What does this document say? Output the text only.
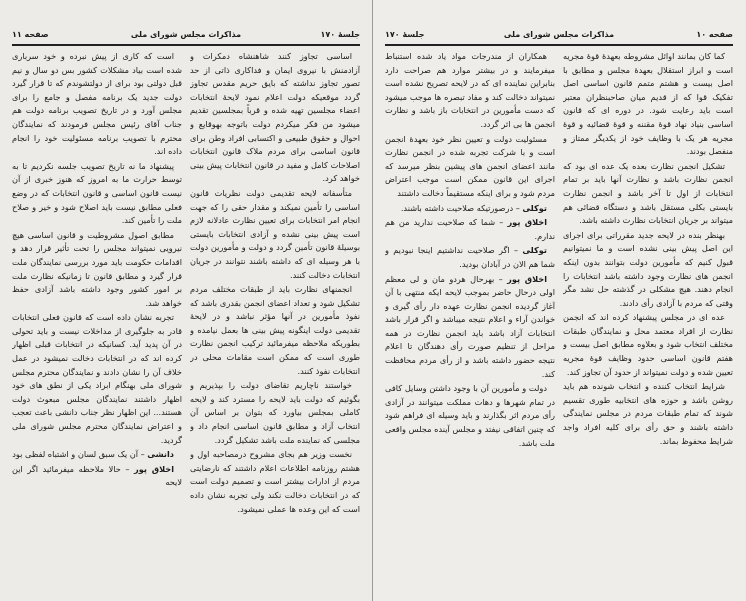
جلسهٔ ۱۷۰
مذاکرات مجلس شورای ملی
صفحه ۱۱

اساسی تجاوز کنند شاهنشاه دمکرات و آزادمنش با نیروی ایمان و فداکاری ذاتی از حد تصور تجاوز نداشته که بایق حریم مقدس تجاوز گردد موقعیکه دولت اعلام نمود لایحهٔ انتخابات اعضاء مجلسین تهیه شده و قرباً بمجلسین تقدیم میشود من فکر میکردم دولت باتوجه بهوقایع و احوال و حقوق طبیعی و اکتسابی افراد وطن برای قانون اساسی برای مردم ملاک قانون انتخابات اصلاحات کامل و مفید در قانون انتخابات پیش بینی خواهد کرد.

متأسفانه لایحه تقدیمی دولت نظریات قانون اساسی را تأمین نمیکند و مقدار حقی را که جهت انجام امر انتخابات برای تعیین نظارت عادلانه لازم است پیش بینی نشده و آزادی انتخابات بایستی بوسیلهٔ قانون تأمین گردد و دولت و مأمورین دولت با هر وسیله ای که داشته باشند نتوانند در جریان انتخابات دخالت کنند.

انجمنهای نظارت باید از طبقات مختلف مردم تشکیل شود و تعداد اعضای انجمن بقدری باشد که نفوذ مأمورین در آنها مؤثر نباشد و در لایحهٔ تقدیمی دولت اینگونه پیش بینی ها بعمل نیامده و بطوریکه ملاحظه میفرمائید ترکیب انجمن نظارت طوری است که ممکن است مقامات محلی در انتخابات نفوذ کنند.

خواستند ناچاریم تقاضای دولت را بپذیریم و بگوئیم که دولت باید لایحه را مسترد کند و لایحه کاملی بمجلس بیاورد که بتوان بر اساس آن انتخاب آزاد و مطابق قانون اساسی انجام داد و مجلسی که نماینده ملت باشد تشکیل گردد.

نخست وزیر هم بجای مشروح درمصاحبه اول و هشتم روزنامه اطلاعات اعلام داشتند که نارضایتی مردم از ادارات بیشتر است و تصمیم دولت است که در انتخابات دخالت نکند ولی تجربه نشان داده است که این وعده ها عملی نمیشود.

است که کاری از پیش نبرده و خود سرباری شده است بیاد مشکلات کشور بس دو سال و نیم قبل دولتی بود برای از دولتشوندم که تا قرار گیرد دولت جدید یک برنامه مفصل و جامع را برای مجلس آورد و در تاریخ تصویب برنامه دولت هم جناب آقای رئیس مجلس فرمودند که نمایندگان محترم با تصویب برنامه مسئولیت خود را انجام داده اند.

پیشنهاد ما نه تاریخ تصویب جلسه نکردیم تا به توسط حرارت ما به امروز که هنوز خبری از آن نیست قانون اساسی و قانون انتخابات که در وضع فعلی مطابق نیست باید اصلاح شود و خیر و صلاح ملت را تأمین کند.

مطابق اصول مشروطیت و قانون اساسی هیچ نیرویی نمیتواند مجلس را تحت تأثیر قرار دهد و اقدامات حکومت باید مورد بررسی نمایندگان ملت قرار گیرد و مطابق قانون تا زمانیکه نظارت ملت بر امور کشور وجود داشته باشد آزادی حفظ خواهد شد.

تجربه نشان داده است که قانون فعلی انتخابات قادر به جلوگیری از مداخلات نیست و باید تحولی در آن پدید آید. کسانیکه در انتخابات قبلی اظهار کرده اند که در انتخابات دخالت نمیشود در عمل خلاف آن را نشان دادند و نمایندگان محترم مجلس شورای ملی بهنگام ابراد یکی از نطق های خود اظهار داشتند نمایندگان مجلس مبعوث دولت هستند... این اظهار نظر جناب دانشی باعث تعجب و اعتراض نمایندگان محترم مجلس شورای ملی گردید.

دانشی – آن یک سبق لسان و اشتباه لفظی بود

اخلاق پور – حالا ملاحظه میفرمائید اگر این لایحه

صفحه ۱۰
مذاکرات مجلس شورای ملی
جلسهٔ ۱۷۰

کما کان بمانند اوائل مشروطه بعهدهٔ قوهٔ مجریه است و ابراز استقلال بعهدهٔ مجلس و مطابق با اصل بیست و هشتم متمم قانون اساسی اصل تفکیک قوا که از قدیم میان صاحبنظران معتبر است باید رعایت شود. در دوره ای که قانون اساسی بنیاد نهاد قوهٔ مقننه و قوهٔ قضائیه و قوهٔ مجریه هر یک با وظایف خود از یکدیگر ممتاز و منفصل بودند.

تشکیل انجمن نظارت بعده یک عده ای بود که انجمن نظارت باشد و نظارت آنها باید بر تمام انتخابات از اول تا آخر باشد و انجمن نظارت بایستی بکلی مستقل باشد و دستگاه قضائی هم میتواند بر جریان انتخابات نظارت داشته باشد.

بهنظر بنده در لایحه جدید مقرراتی برای اجرای این اصل پیش بینی نشده است و ما نمیتوانیم قبول کنیم که مأمورین دولت بتوانند بدون اینکه انجمن های نظارت وجود داشته باشد انتخابات را انجام دهند. هیچ مشکلی در گذشته حل نشد مگر وقتی که مردم با آزادی رأی دادند.

عده ای در مجلس پیشنهاد کرده اند که انجمن نظارت از افراد معتمد محل و نمایندگان طبقات مختلف انتخاب شود و بعلاوه مطابق اصل بیست و هفتم قانون اساسی حدود وظایف قوهٔ مجریه تعیین شده و دولت نمیتواند از حدود آن تجاوز کند.

شرایط انتخاب کننده و انتخاب شونده هم باید روشن باشد و حوزه های انتخابیه طوری تقسیم شوند که تمام طبقات مردم در مجلس نمایندگی داشته باشند و حق رأی برای کلیه افراد واجد شرایط محفوظ بماند.

همکاران از مندرجات مواد یاد شده استنباط میفرمایند و در بیشتر موارد هم صراحت دارد بنابراین نماینده ای که در لایحه تصریح نشده است نمیتواند دخالت کند و مفاد تبصره ها موجب میشود که دست مأمورین در انتخابات باز باشد و نظارت انجمن ها بی اثر گردد.

مسئولیت دولت و تعیین نظر خود بعهدهٔ انجمن است و با شرکت تجربه شده در انجمن نظارت مانند اعضای انجمن های پیشین بنظر میرسد که اجرای این قانون ممکن است موجب اعتراض مردم شود و برای اینکه مستقیماً دخالت داشتند

توکلی – درصورتیکه صلاحیت داشته باشند.

اخلاق پور – شما که صلاحیت ندارید من هم ندارم.

توکلی – اگر صلاحیت نداشتیم اینجا نبودیم و شما هم الان در آبادان بودید.

اخلاق پور – بهرحال هردو مان و لی معظم اولی درحال حاضر بموجب لایحه ایکه منتهی با آن آغاز گردیده انجمن نظارت عهده دار رأی گیری و خواندن آراء و اعلام نتیجه میباشد و اگر قرار باشد انتخابات آزاد باشد باید انجمن نظارت در همه مراحل از تنظیم صورت رأی دهندگان تا اعلام نتیجه حضور داشته باشد و از رأی مردم محافظت کند.

دولت و مأمورین آن با وجود داشتن وسایل کافی در تمام شهرها و دهات مملکت میتوانند در آزادی رأی مردم اثر بگذارند و باید وسیله ای فراهم شود که چنین اتفاقی نیفتد و مجلس آینده مجلس واقعی ملت باشد.
